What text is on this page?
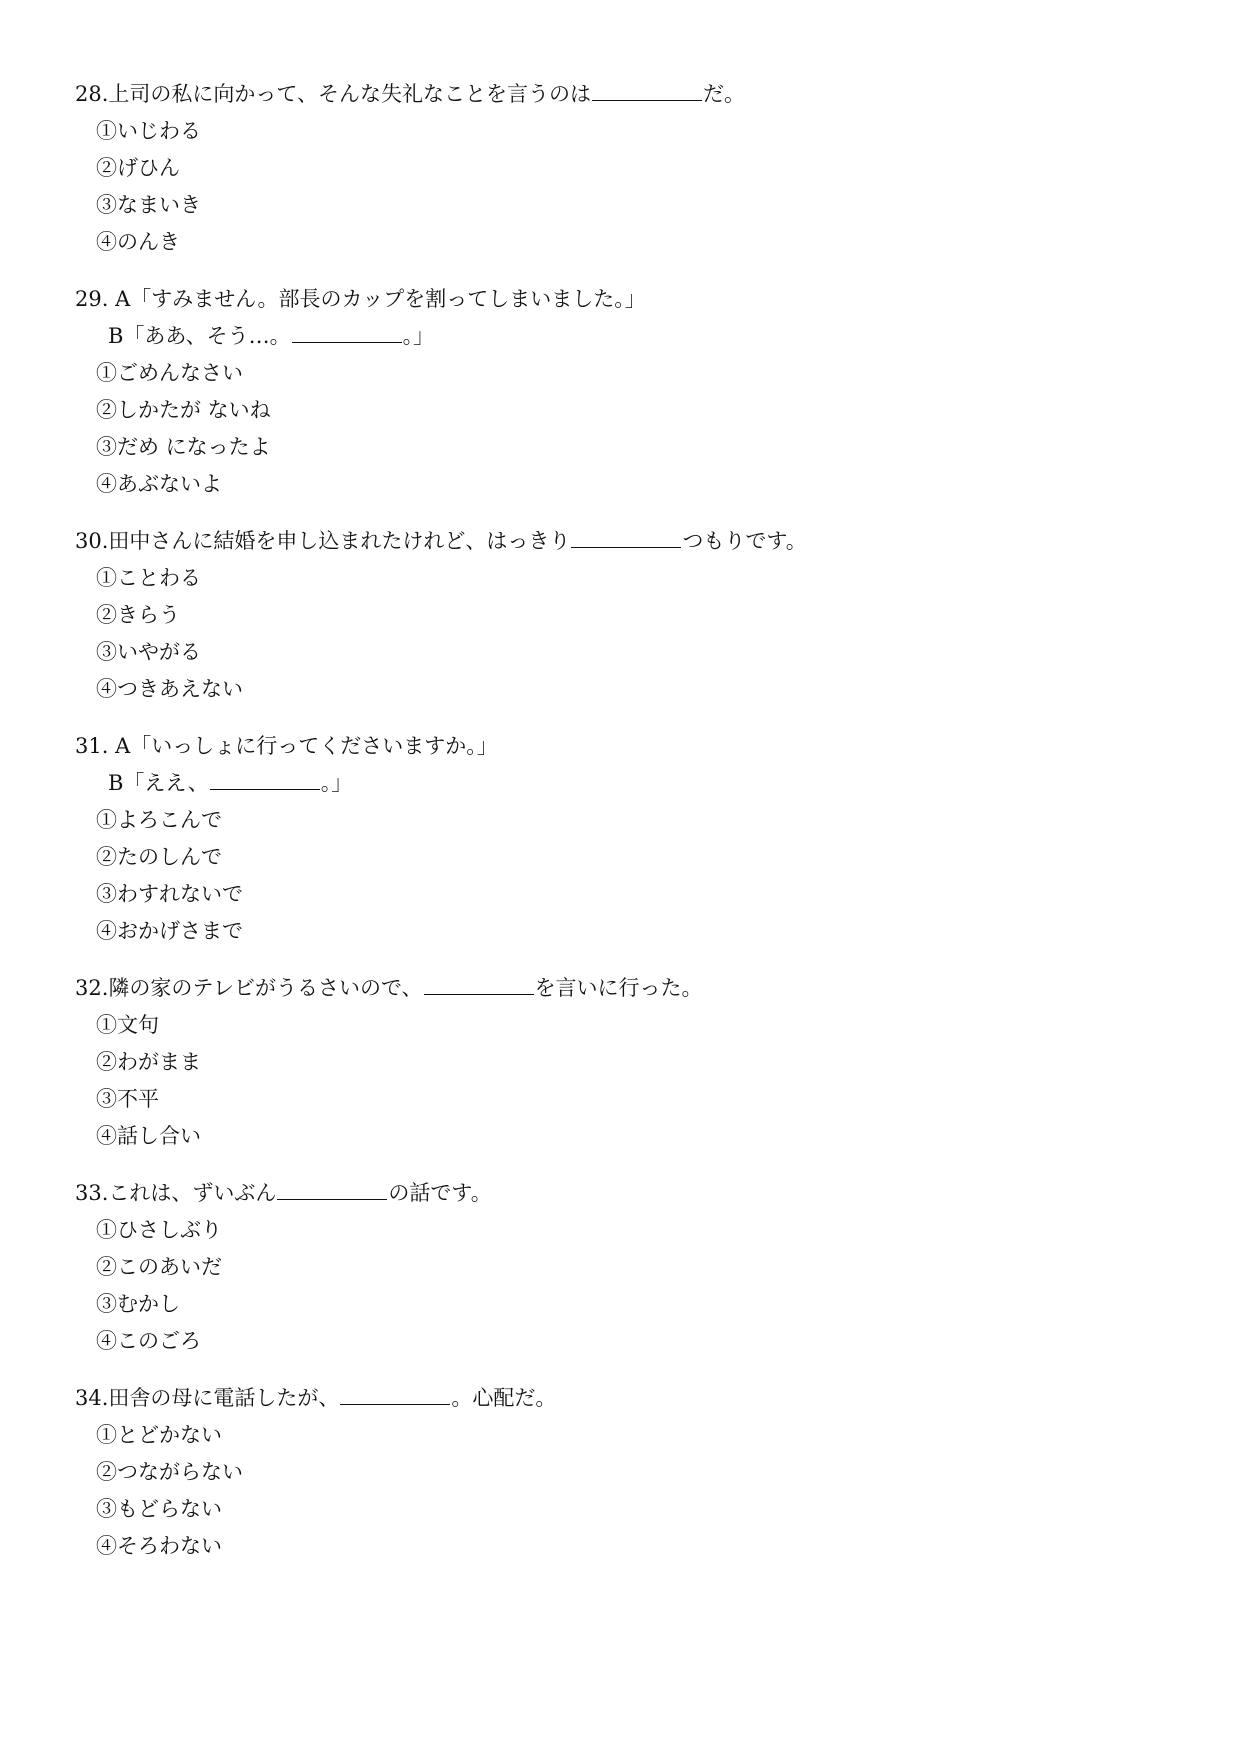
28.上司の私に向かって、そんな失礼なことを言うのは	だ。
①いじわる
②げひん
③なまいき
④のんき
29. A「すみません。部長のカップを割ってしまいました。」
B「ああ、そう…。	。」
①ごめんなさい
②しかたが ないね
③だめ になったよ
④あぶないよ
30.田中さんに結婚を申し込まれたけれど、はっきり	つもりです。
①ことわる
②きらう
③いやがる
④つきあえない
31. A「いっしょに行ってくださいますか。」
B「ええ、	。」
①よろこんで
②たのしんで
③わすれないで
④おかげさまで
32.隣の家のテレビがうるさいので、	を言いに行った。
①文句
②わがまま
③不平
④話し合い
33.これは、ずいぶん	の話です。
①ひさしぶり
②このあいだ
③むかし
④このごろ
34.田舎の母に電話したが、	。心配だ。
①とどかない
②つながらない
③もどらない
④そろわない
